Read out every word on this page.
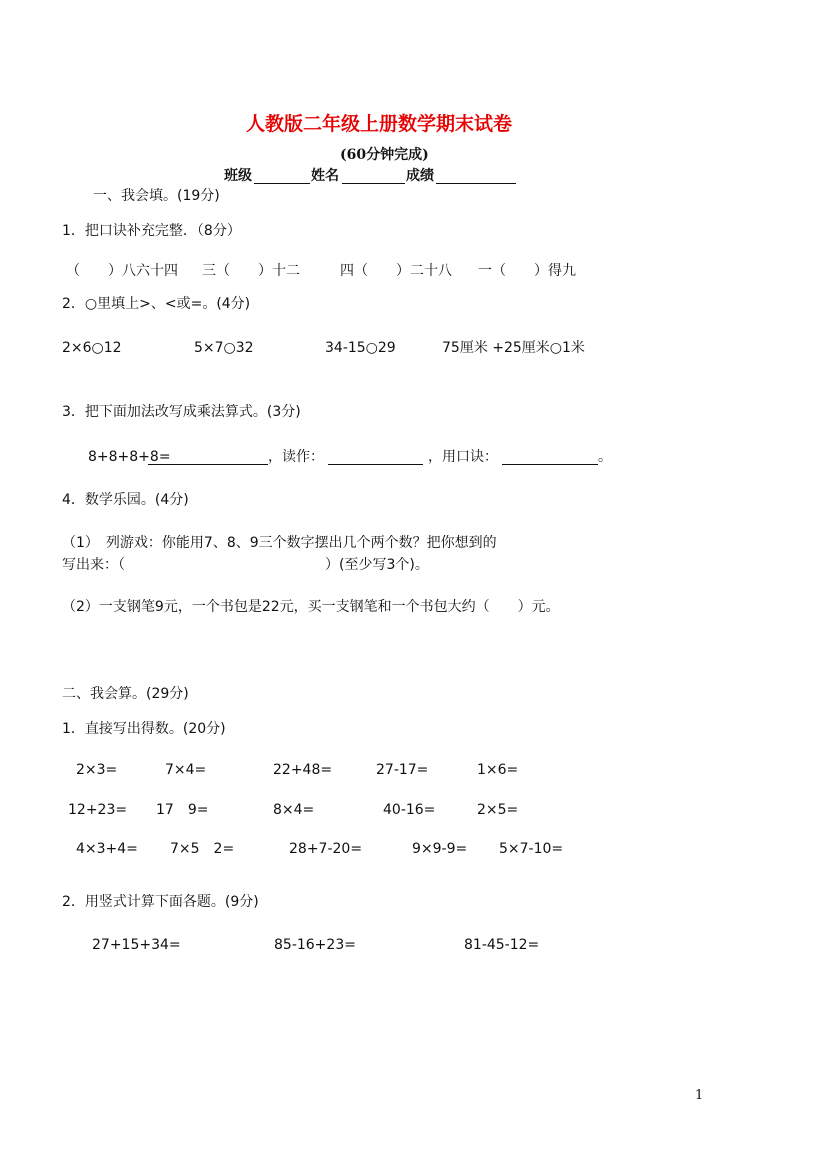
人教版二年级上册数学期末试卷
(60分钟完成)
班级	姓名	成绩
一、我会填。(19分)
1．把口诀补充完整．（8分）
（　　）八六十四 三（　　）十二	四（　　）二十八 一（　　）得九
2．○里填上>、<或=。(4分)
2×6○12	5×7○32	34-15○29	75厘米 +25厘米○1米
3．把下面加法改写成乘法算式。(3分)
8+8+8+8=	，读作：	，用口诀：	。
4．数学乐园。(4分)
（1）　列游戏：你能用7、8、9三个数字摆出几个两个数？把你想到的
写出来：（	）(至少写3个)。
（2）一支钢笔9元，一个书包是22元，买一支钢笔和一个书包大约（　　）元。
二、我会算。(29分)
1．直接写出得数。(20分)
2×3=	7×4=	22+48=	27-17=	1×6=
12+23= 17　9=	8×4=	40-16=	2×5=
4×3+4= 7×5　2=	28+7-20=	9×9-9= 5×7-10=
2．用竖式计算下面各题。(9分)
27+15+34=	85-16+23=	81-45-12=
1
